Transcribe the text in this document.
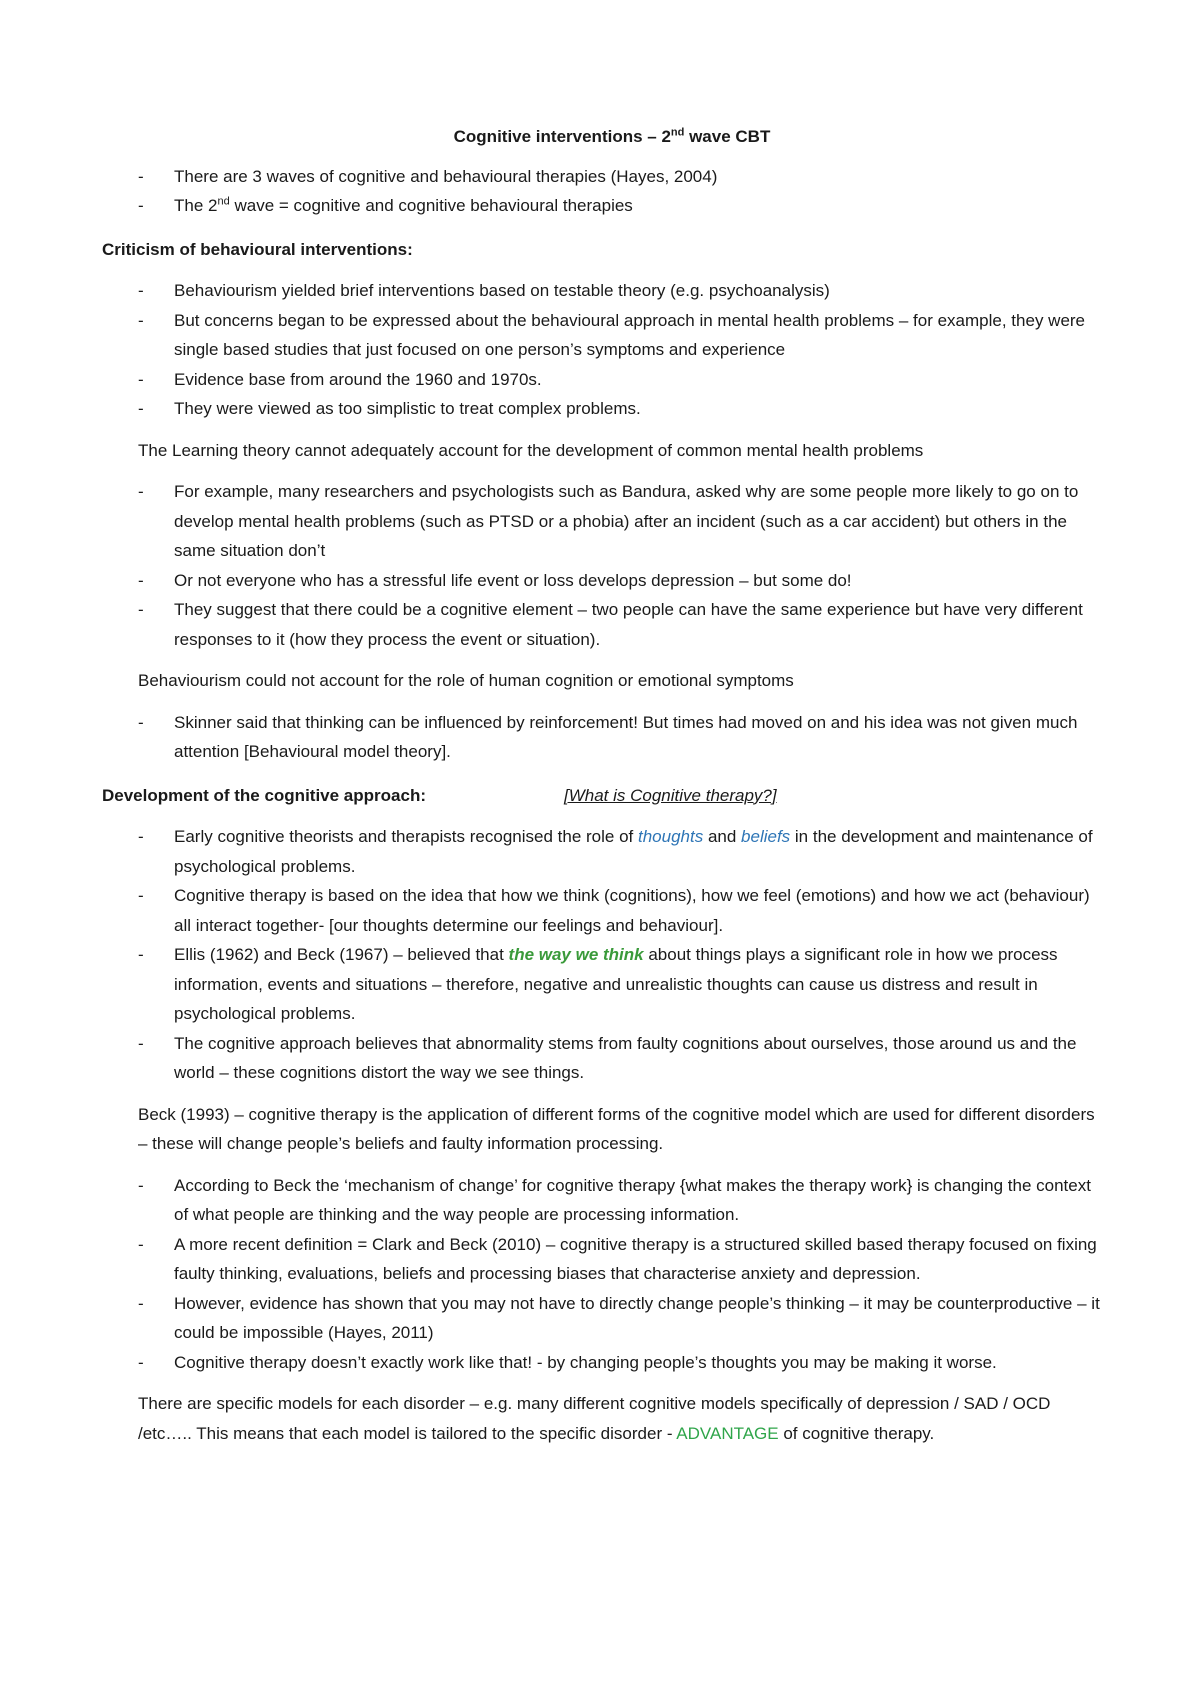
Cognitive interventions – 2nd wave CBT
- There are 3 waves of cognitive and behavioural therapies (Hayes, 2004)
- The 2nd wave = cognitive and cognitive behavioural therapies
Criticism of behavioural interventions:
- Behaviourism yielded brief interventions based on testable theory (e.g. psychoanalysis)
- But concerns began to be expressed about the behavioural approach in mental health problems – for example, they were single based studies that just focused on one person’s symptoms and experience
- Evidence base from around the 1960 and 1970s.
- They were viewed as too simplistic to treat complex problems.
The Learning theory cannot adequately account for the development of common mental health problems
- For example, many researchers and psychologists such as Bandura, asked why are some people more likely to go on to develop mental health problems (such as PTSD or a phobia) after an incident (such as a car accident) but others in the same situation don’t
- Or not everyone who has a stressful life event or loss develops depression – but some do!
- They suggest that there could be a cognitive element – two people can have the same experience but have very different responses to it (how they process the event or situation).
Behaviourism could not account for the role of human cognition or emotional symptoms
- Skinner said that thinking can be influenced by reinforcement! But times had moved on and his idea was not given much attention [Behavioural model theory].
Development of the cognitive approach:	[What is Cognitive therapy?]
- Early cognitive theorists and therapists recognised the role of thoughts and beliefs in the development and maintenance of psychological problems.
- Cognitive therapy is based on the idea that how we think (cognitions), how we feel (emotions) and how we act (behaviour) all interact together- [our thoughts determine our feelings and behaviour].
- Ellis (1962) and Beck (1967) – believed that the way we think about things plays a significant role in how we process information, events and situations – therefore, negative and unrealistic thoughts can cause us distress and result in psychological problems.
- The cognitive approach believes that abnormality stems from faulty cognitions about ourselves, those around us and the world – these cognitions distort the way we see things.
Beck (1993) – cognitive therapy is the application of different forms of the cognitive model which are used for different disorders – these will change people’s beliefs and faulty information processing.
- According to Beck the ‘mechanism of change’ for cognitive therapy {what makes the therapy work} is changing the context of what people are thinking and the way people are processing information.
- A more recent definition = Clark and Beck (2010) – cognitive therapy is a structured skilled based therapy focused on fixing faulty thinking, evaluations, beliefs and processing biases that characterise anxiety and depression.
- However, evidence has shown that you may not have to directly change people’s thinking – it may be counterproductive – it could be impossible (Hayes, 2011)
- Cognitive therapy doesn’t exactly work like that! - by changing people’s thoughts you may be making it worse.
There are specific models for each disorder – e.g. many different cognitive models specifically of depression / SAD / OCD /etc….. This means that each model is tailored to the specific disorder - ADVANTAGE of cognitive therapy.
